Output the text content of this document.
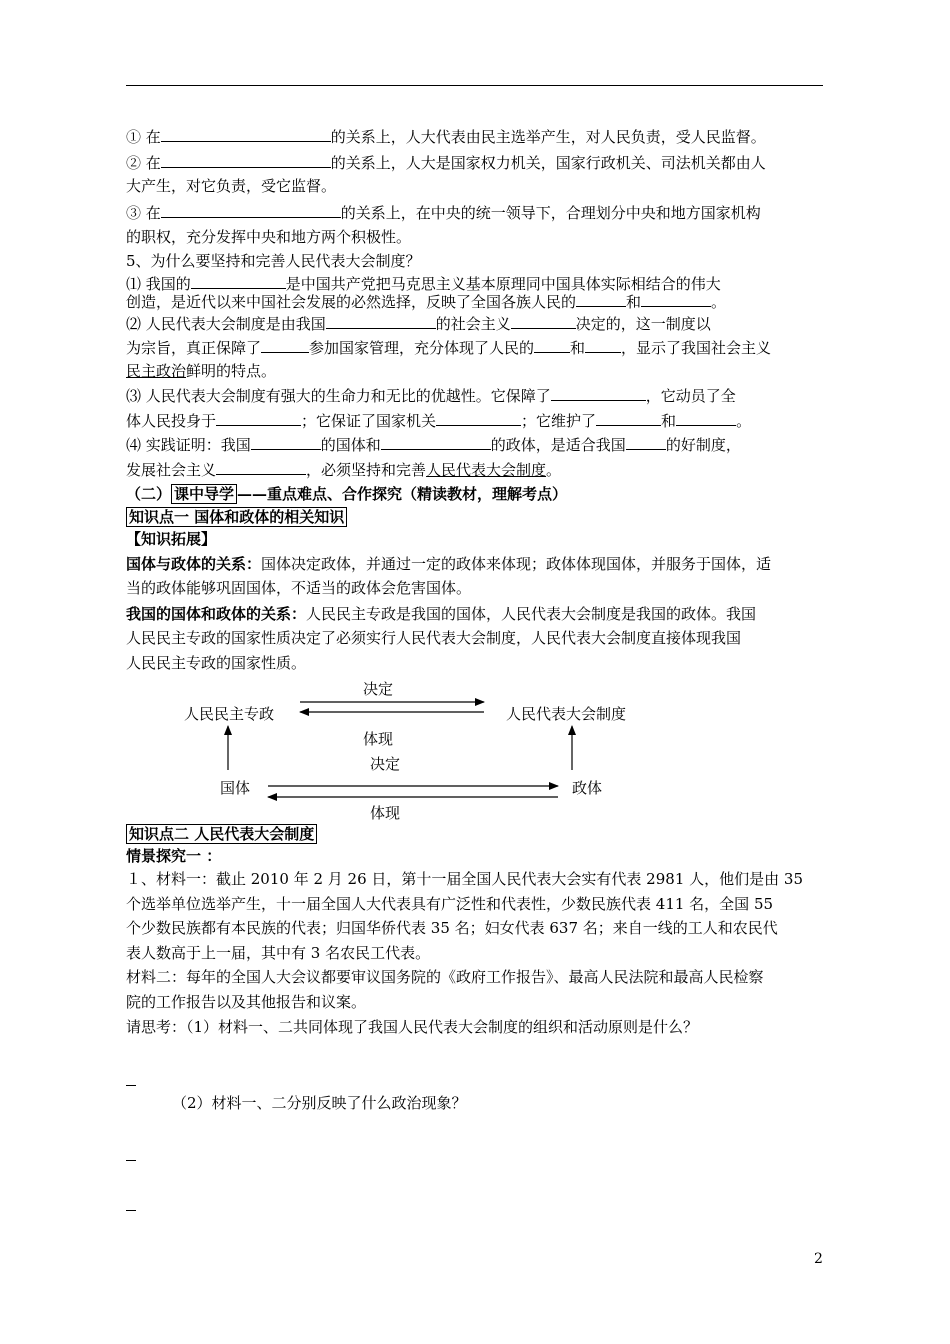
① 在	的关系上，人大代表由民主选举产生，对人民负责，受人民监督。
② 在	的关系上，人大是国家权力机关，国家行政机关、司法机关都由人
大产生，对它负责，受它监督。
③ 在	的关系上，在中央的统一领导下，合理划分中央和地方国家机构
的职权，充分发挥中央和地方两个积极性。
5、为什么要坚持和完善人民代表大会制度？
⑴ 我国的	是中国共产党把马克思主义基本原理同中国具体实际相结合的伟大
创造，是近代以来中国社会发展的必然选择，反映了全国各族人民的	和	。
⑵ 人民代表大会制度是由我国	的社会主义	决定的，这一制度以
为宗旨，真正保障了	参加国家管理，充分体现了人民的 和 ，显示了我国社会主义
民主政治鲜明的特点。
⑶ 人民代表大会制度有强大的生命力和无比的优越性。它保障了	，它动员了全
体人民投身于	；它保证了国家机关	；它维护了	和	。
⑷ 实践证明：我国	的国体和	的政体，是适合我国	的好制度，
发展社会主义	，必须坚持和完善人民代表大会制度。
（二） 课中导学 ——重点难点、合作探究（精读教材，理解考点）
知识点一 国体和政体的相关知识
【知识拓展】
国体与政体的关系：国体决定政体，并通过一定的政体来体现；政体体现国体，并服务于国体，适
当的政体能够巩固国体，不适当的政体会危害国体。
我国的国体和政体的关系：人民民主专政是我国的国体，人民代表大会制度是我国的政体。我国
人民民主专政的国家性质决定了必须实行人民代表大会制度，人民代表大会制度直接体现我国
人民民主专政的国家性质。
决定
人民民主专政	人民代表大会制度
体现
决定
国体	政体
体现
知识点二 人民代表大会制度
情景探究一 ：
１、材料一：截止 2010 年 2 月 26 日，第十一届全国人民代表大会实有代表 2981 人，他们是由 35
个选举单位选举产生，十一届全国人大代表具有广泛性和代表性，少数民族代表 411 名，全国 55
个少数民族都有本民族的代表；归国华侨代表 35 名；妇女代表 637 名；来自一线的工人和农民代
表人数高于上一届，其中有 3 名农民工代表。
材料二：每年的全国人大会议都要审议国务院的《政府工作报告》、最高人民法院和最高人民检察
院的工作报告以及其他报告和议案。
请思考：（1）材料一、二共同体现了我国人民代表大会制度的组织和活动原则是什么？
（2）材料一、二分别反映了什么政治现象？
2
